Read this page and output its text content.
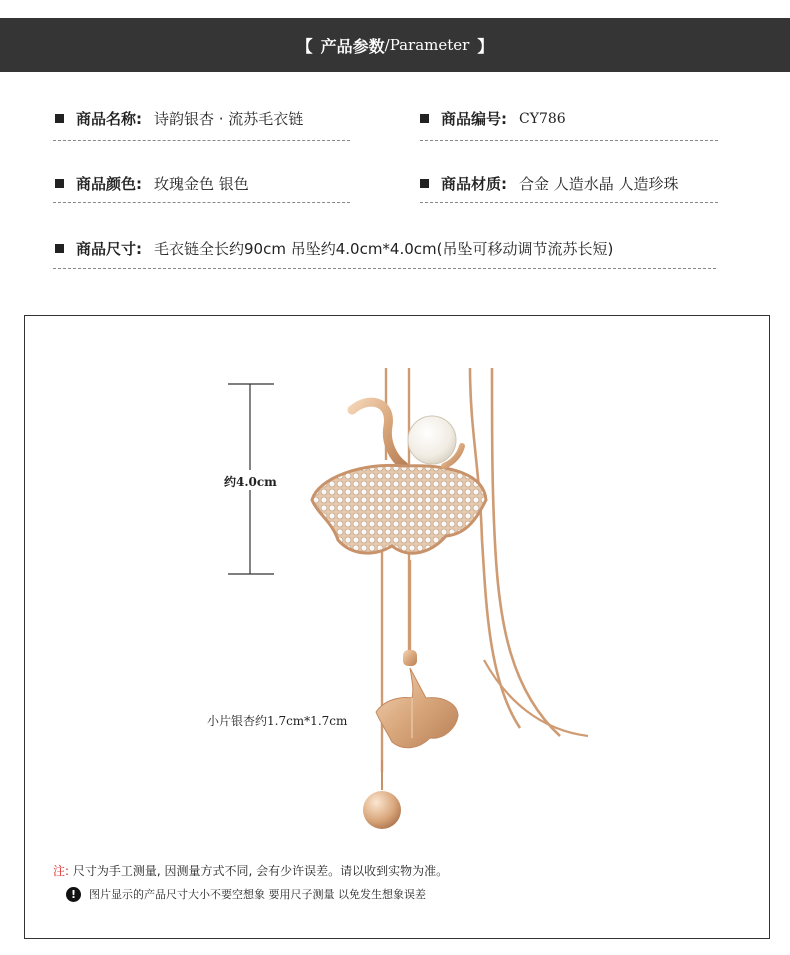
【 产品参数 /Parameter 】
商品名称: 诗韵银杏 · 流苏毛衣链	商品编号: CY786
商品颜色: 玫瑰金色 银色	商品材质: 合金 人造水晶 人造珍珠
商品尺寸: 毛衣链全长约90cm 吊坠约4.0cm*4.0cm(吊坠可移动调节流苏长短)
约4.0cm
小片银杏约1.7cm*1.7cm
注: 尺寸为手工测量, 因测量方式不同, 会有少许误差。请以收到实物为准。
!	图片显示的产品尺寸大小不要空想象 要用尺子测量 以免发生想象误差
